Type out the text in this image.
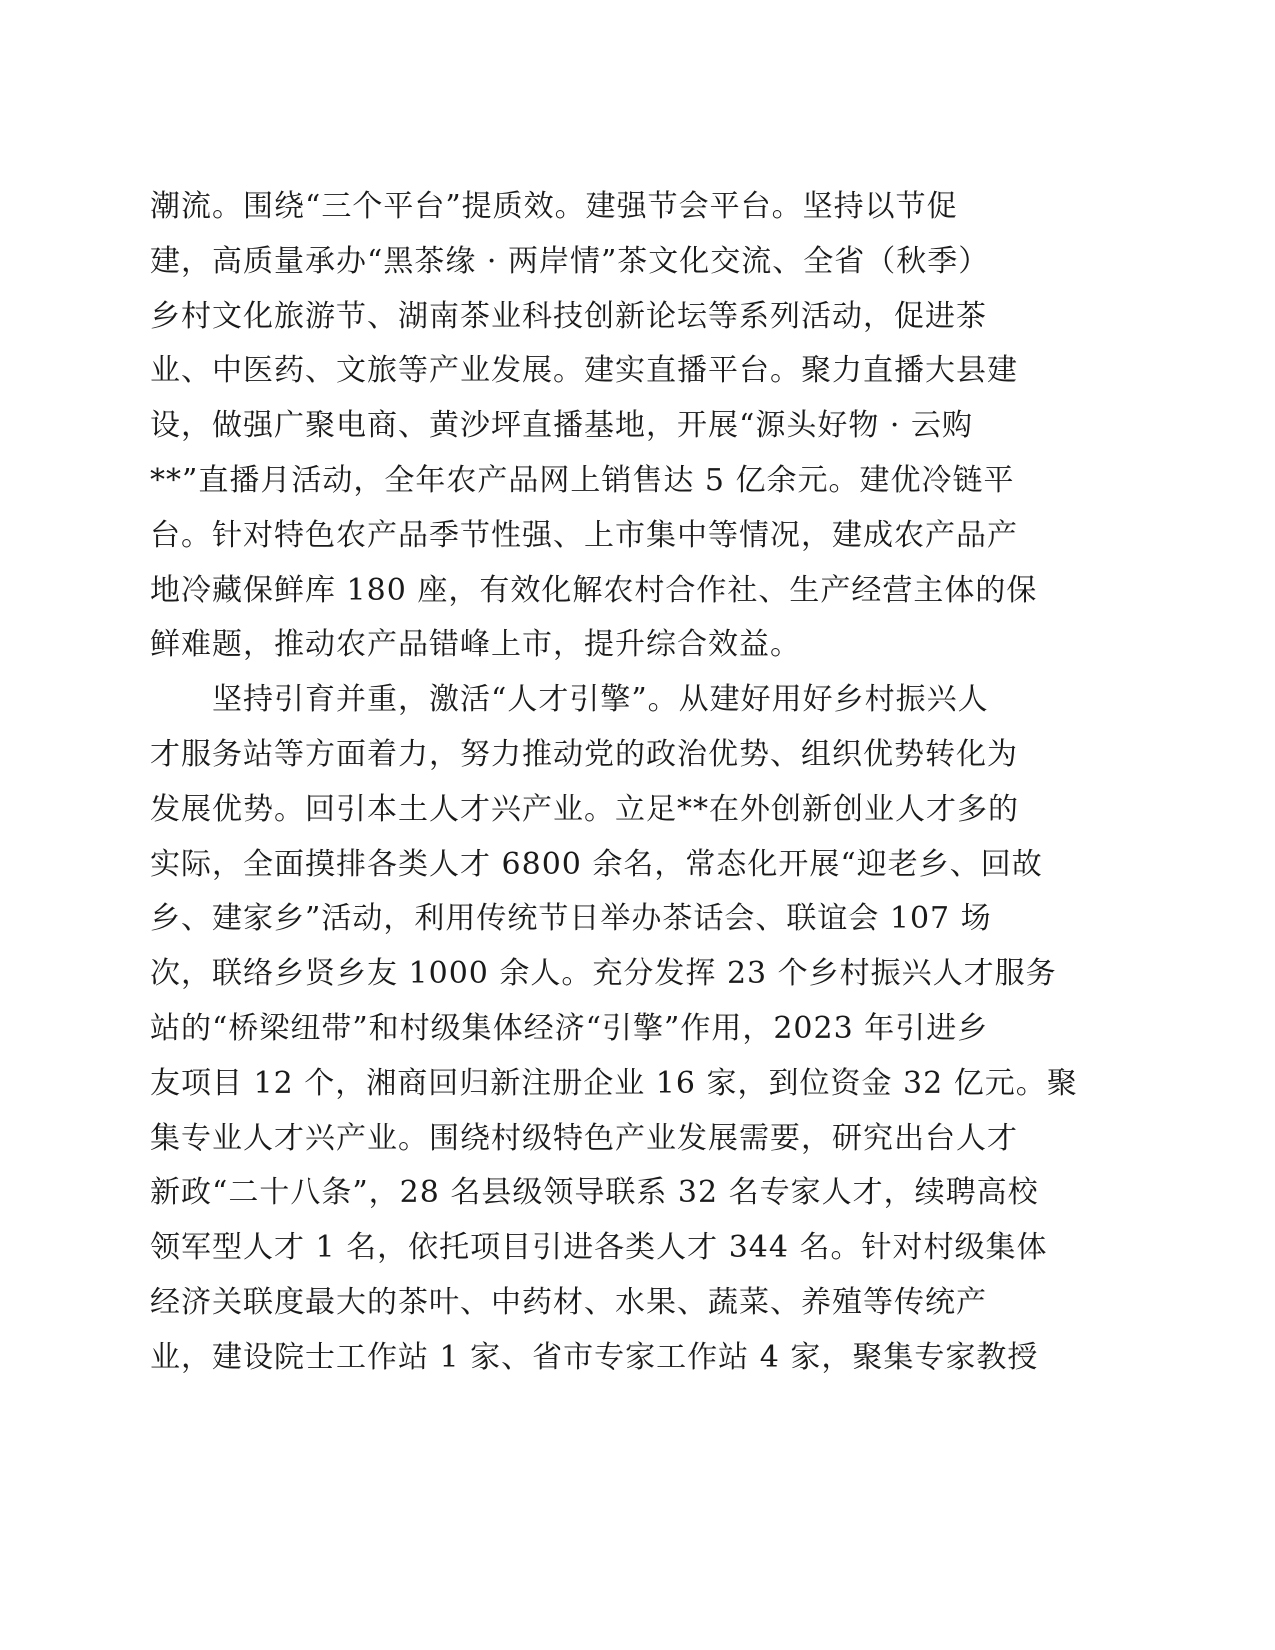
潮流。围绕“三个平台”提质效。建强节会平台。坚持以节促
建，高质量承办“黑茶缘 · 两岸情”茶文化交流、全省（秋季）
乡村文化旅游节、湖南茶业科技创新论坛等系列活动，促进茶
业、中医药、文旅等产业发展。建实直播平台。聚力直播大县建
设，做强广聚电商、黄沙坪直播基地，开展“源头好物 · 云购
**”直播月活动，全年农产品网上销售达 5 亿余元。建优冷链平
台。针对特色农产品季节性强、上市集中等情况，建成农产品产
地冷藏保鲜库 180 座，有效化解农村合作社、生产经营主体的保
鲜难题，推动农产品错峰上市，提升综合效益。
坚持引育并重，激活“人才引擎”。从建好用好乡村振兴人
才服务站等方面着力，努力推动党的政治优势、组织优势转化为
发展优势。回引本土人才兴产业。立足**在外创新创业人才多的
实际，全面摸排各类人才 6800 余名，常态化开展“迎老乡、回故
乡、建家乡”活动，利用传统节日举办茶话会、联谊会 107 场
次，联络乡贤乡友 1000 余人。充分发挥 23 个乡村振兴人才服务
站的“桥梁纽带”和村级集体经济“引擎”作用，2023 年引进乡
友项目 12 个，湘商回归新注册企业 16 家，到位资金 32 亿元。聚
集专业人才兴产业。围绕村级特色产业发展需要，研究出台人才
新政“二十八条”，28 名县级领导联系 32 名专家人才，续聘高校
领军型人才 1 名，依托项目引进各类人才 344 名。针对村级集体
经济关联度最大的茶叶、中药材、水果、蔬菜、养殖等传统产
业，建设院士工作站 1 家、省市专家工作站 4 家，聚集专家教授
